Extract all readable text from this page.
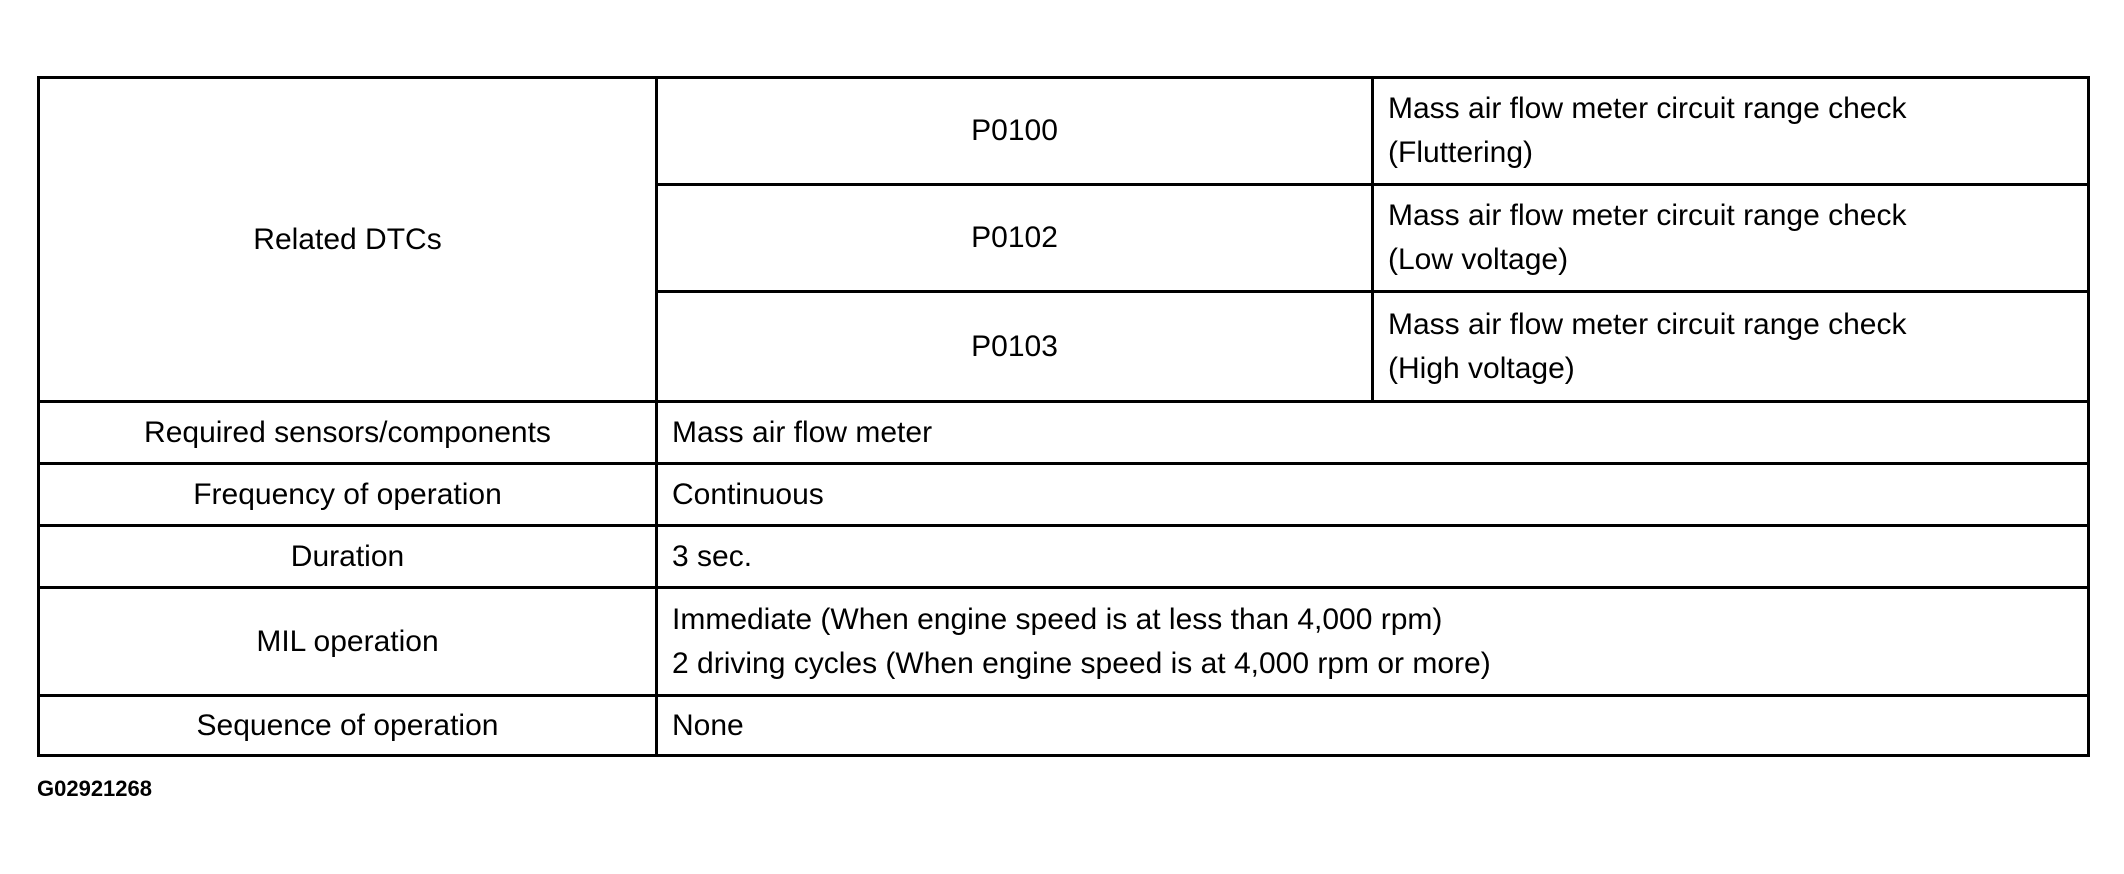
Related DTCs	P0100	Mass air flow meter circuit range check
(Fluttering)

	P0102	Mass air flow meter circuit range check
(Low voltage)

	P0103	Mass air flow meter circuit range check
(High voltage)

Required sensors/components	Mass air flow meter	
Frequency of operation	Continuous	
Duration	3 sec.	
MIL operation	Immediate (When engine speed is at less than 4,000 rpm)
2 driving cycles (When engine speed is at 4,000 rpm or more)	

Sequence of operation	None	
G02921268
